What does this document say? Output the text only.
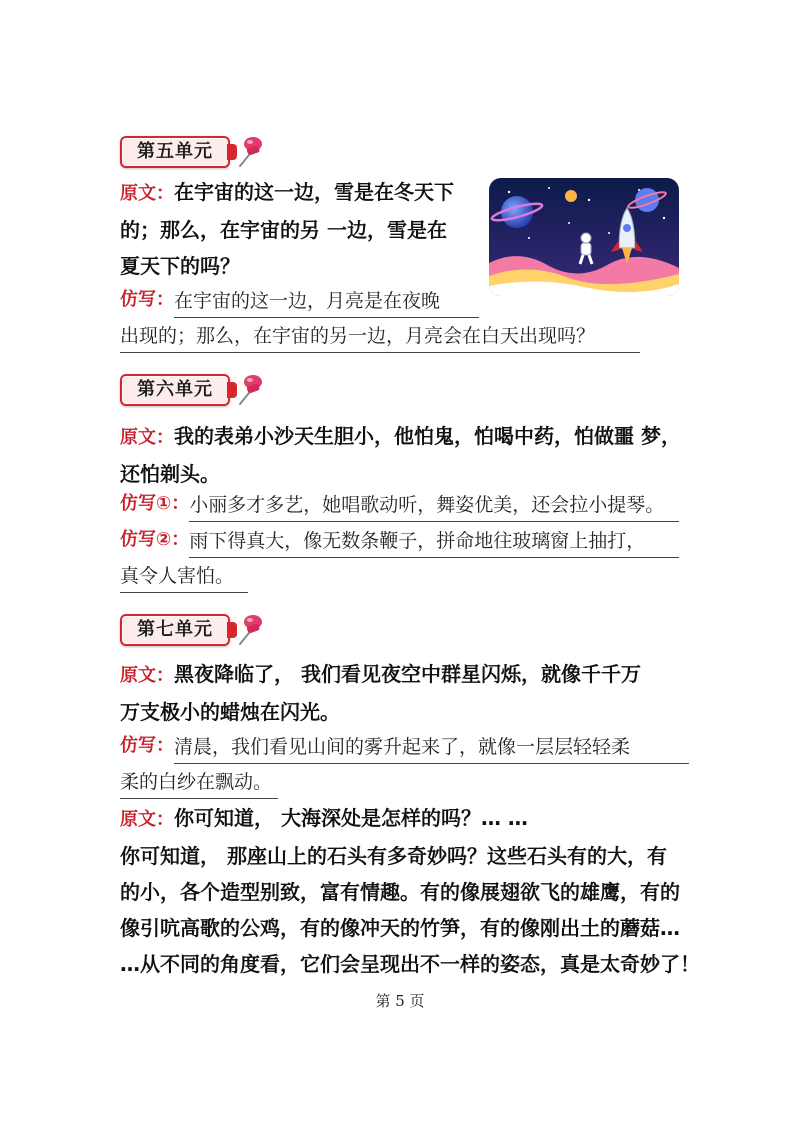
第五单元
原文：在宇宙的这一边，雪是在冬天下
的；那么，在宇宙的另 一边，雪是在
夏天下的吗？
仿写： 在宇宙的这一边，月亮是在夜晚
出现的；那么，在宇宙的另一边，月亮会在白天出现吗？
第六单元
原文：我的表弟小沙天生胆小，他怕鬼，怕喝中药，怕做噩 梦，
还怕剃头。
仿写①： 小丽多才多艺，她唱歌动听，舞姿优美，还会拉小提琴。
仿写②： 雨下得真大，像无数条鞭子，拼命地往玻璃窗上抽打，
真令人害怕。
第七单元
原文：黑夜降临了， 我们看见夜空中群星闪烁，就像千千万
万支极小的蜡烛在闪光。
仿写： 清晨，我们看见山间的雾升起来了，就像一层层轻轻柔
柔的白纱在飘动。
原文：你可知道， 大海深处是怎样的吗？… …
你可知道， 那座山上的石头有多奇妙吗？这些石头有的大，有
的小，各个造型别致，富有情趣。有的像展翅欲飞的雄鹰，有的
像引吭高歌的公鸡，有的像冲天的竹笋，有的像刚出土的蘑菇…
…从不同的角度看，它们会呈现出不一样的姿态，真是太奇妙了！
第 5 页
